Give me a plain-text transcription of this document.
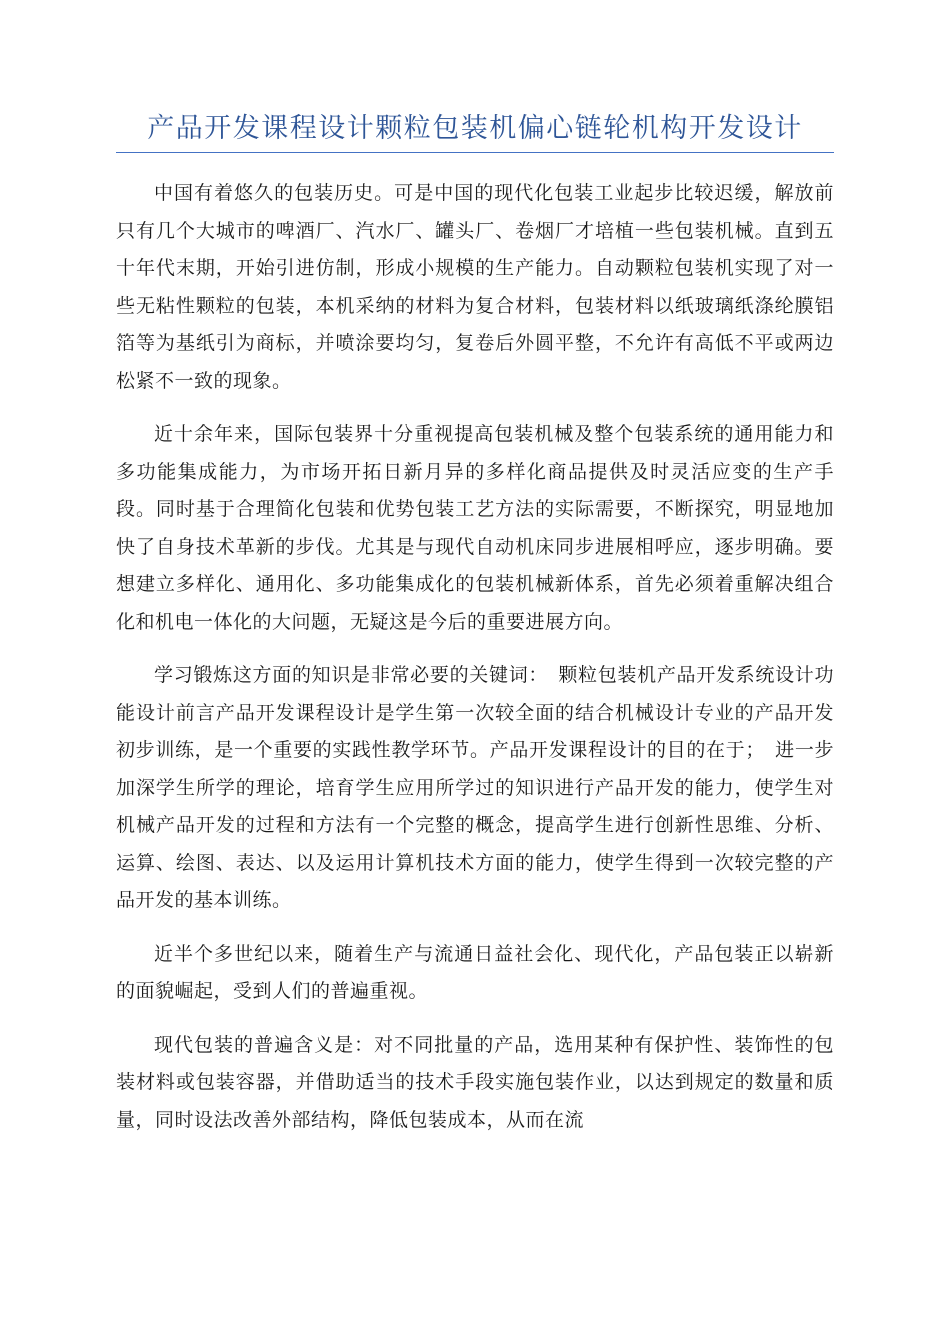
产品开发课程设计颗粒包装机偏心链轮机构开发设计

中国有着悠久的包装历史。可是中国的现代化包装工业起步比较迟缓，解放前只有几个大城市的啤酒厂、汽水厂、罐头厂、卷烟厂才培植一些包装机械。直到五十年代末期，开始引进仿制，形成小规模的生产能力。自动颗粒包装机实现了对一些无粘性颗粒的包装，本机采纳的材料为复合材料，包装材料以纸玻璃纸涤纶膜铝箔等为基纸引为商标，并喷涂要均匀，复卷后外圆平整，不允许有高低不平或两边松紧不一致的现象。

近十余年来，国际包装界十分重视提高包装机械及整个包装系统的通用能力和多功能集成能力，为市场开拓日新月异的多样化商品提供及时灵活应变的生产手段。同时基于合理简化包装和优势包装工艺方法的实际需要，不断探究，明显地加快了自身技术革新的步伐。尤其是与现代自动机床同步进展相呼应，逐步明确。要想建立多样化、通用化、多功能集成化的包装机械新体系，首先必须着重解决组合化和机电一体化的大问题，无疑这是今后的重要进展方向。

学习锻炼这方面的知识是非常必要的关键词：　颗粒包装机产品开发系统设计功能设计前言产品开发课程设计是学生第一次较全面的结合机械设计专业的产品开发初步训练，是一个重要的实践性教学环节。产品开发课程设计的目的在于；　进一步加深学生所学的理论，培育学生应用所学过的知识进行产品开发的能力，使学生对机械产品开发的过程和方法有一个完整的概念，提高学生进行创新性思维、分析、运算、绘图、表达、以及运用计算机技术方面的能力，使学生得到一次较完整的产品开发的基本训练。

近半个多世纪以来，随着生产与流通日益社会化、现代化，产品包装正以崭新的面貌崛起，受到人们的普遍重视。

现代包装的普遍含义是：对不同批量的产品，选用某种有保护性、装饰性的包装材料或包装容器，并借助适当的技术手段实施包装作业，以达到规定的数量和质量，同时设法改善外部结构，降低包装成本，从而在流
